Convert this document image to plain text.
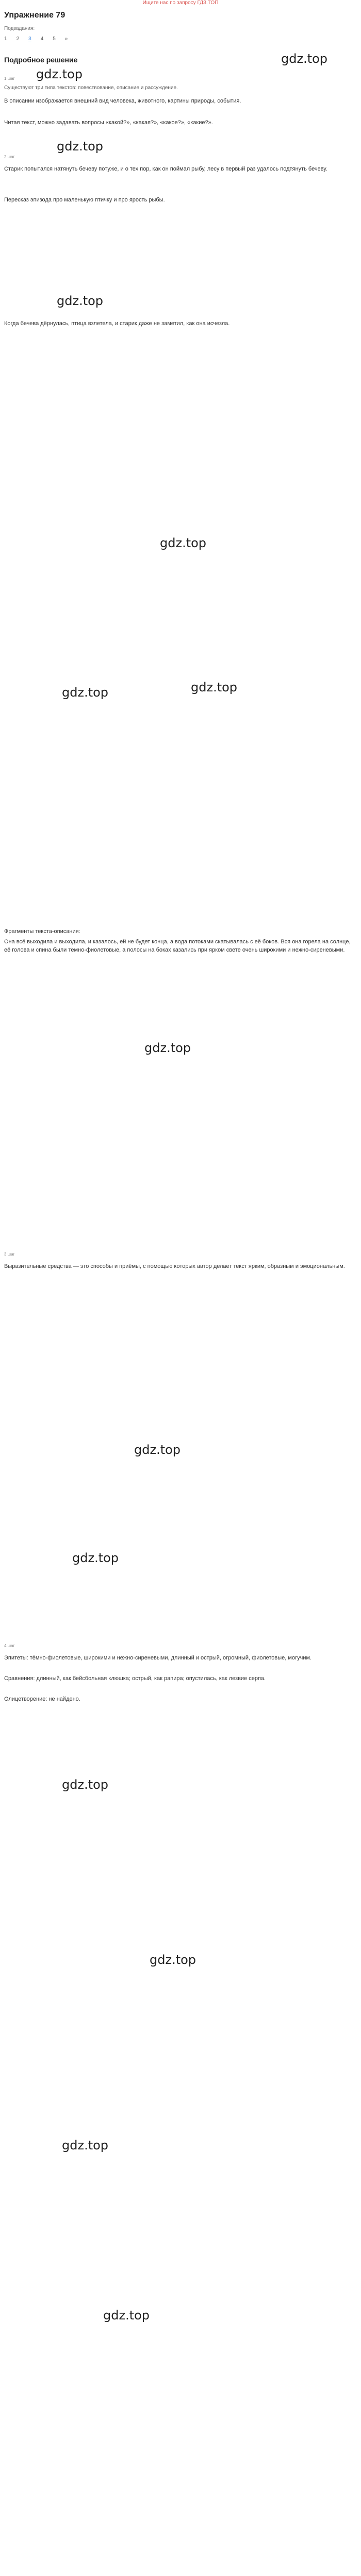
Ищите нас по запросу ГДЗ.ТОП
Упражнение 79
Подзадания:
1 2 3 4 5 »
Подробное решение	gdz.top
gdz.top
1 шаг

Существуют три типа текстов: повествование, описание и рассуждение.

В описании изображается внешний вид человека, животного, картины природы, события.

Читая текст, можно задавать вопросы «какой?», «какая?», «какое?», «какие?».

gdz.top
2 шаг

Старик попытался натянуть бечеву потуже, и о тех пор, как он поймал рыбу, лесу в первый раз удалось подтянуть бечеву.

Пересказ эпизода про маленькую птичку и про ярость рыбы.

gdz.top

Когда бечева дёрнулась, птица взлетела, и старик даже не заметил, как она исчезла.

gdz.top
gdz.top
gdz.top

Фрагменты текста-описания:

Она всё выходила и выходила, и казалось, ей не будет конца, а вода потоками скатывалась с её боков. Вся она горела на солнце, её голова и спина были тёмно-фиолетовые, а полосы на боках казались при ярком свете очень широкими и нежно-сиреневыми.

gdz.top
3 шаг

Выразительные средства — это способы и приёмы, с помощью которых автор делает текст ярким, образным и эмоциональным.

gdz.top
gdz.top
4 шаг

Эпитеты: тёмно-фиолетовые, широкими и нежно-сиреневыми, длинный и острый, огромный, фиолетовые, могучим.

Сравнения: длинный, как бейсбольная клюшка; острый, как рапира; опустилась, как лезвие серпа.

Олицетворение: не найдено.

gdz.top
gdz.top
gdz.top
gdz.top
